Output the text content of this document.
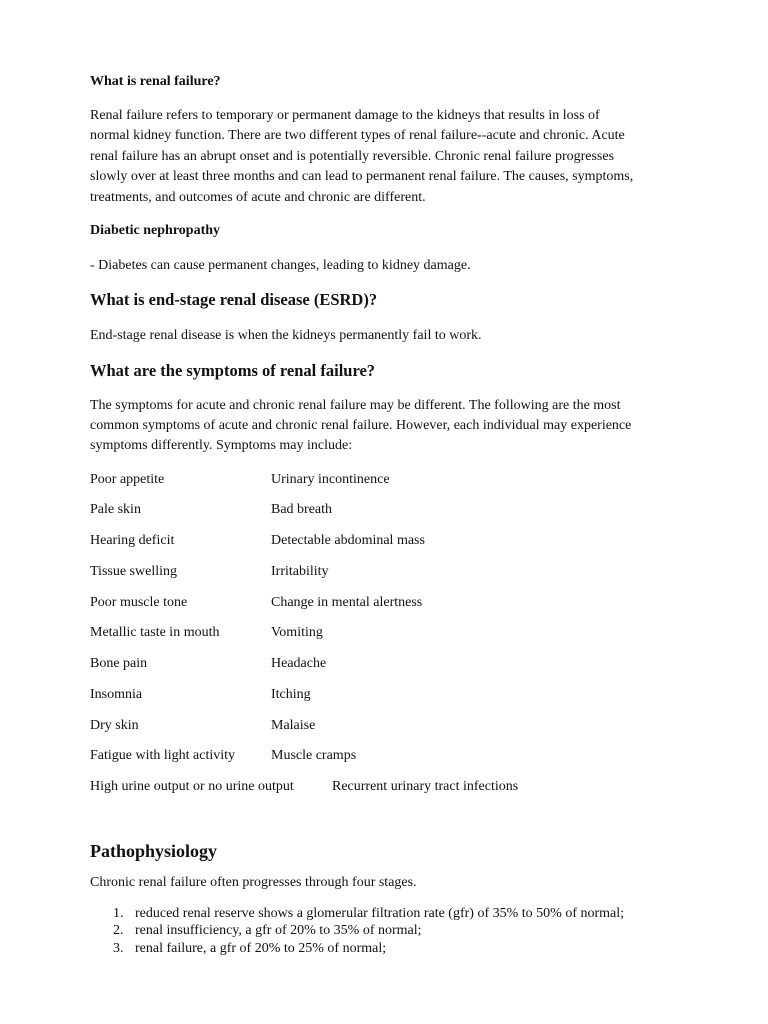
What is renal failure?
Renal failure refers to temporary or permanent damage to the kidneys that results in loss of
normal kidney function. There are two different types of renal failure--acute and chronic. Acute
renal failure has an abrupt onset and is potentially reversible. Chronic renal failure progresses
slowly over at least three months and can lead to permanent renal failure. The causes, symptoms,
treatments, and outcomes of acute and chronic are different.
Diabetic nephropathy
- Diabetes can cause permanent changes, leading to kidney damage.
What is end-stage renal disease (ESRD)?
End-stage renal disease is when the kidneys permanently fail to work.
What are the symptoms of renal failure?
The symptoms for acute and chronic renal failure may be different. The following are the most
common symptoms of acute and chronic renal failure. However, each individual may experience
symptoms differently. Symptoms may include:
Poor appetite	Urinary incontinence
Pale skin	Bad breath
Hearing deficit	Detectable abdominal mass
Tissue swelling	Irritability
Poor muscle tone	Change in mental alertness
Metallic taste in mouth	Vomiting
Bone pain	Headache
Insomnia	Itching
Dry skin	Malaise
Fatigue with light activity	Muscle cramps
High urine output or no urine output	Recurrent urinary tract infections
Pathophysiology
Chronic renal failure often progresses through four stages.
1. reduced renal reserve shows a glomerular filtration rate (gfr) of 35% to 50% of normal;
2. renal insufficiency, a gfr of 20% to 35% of normal;
3. renal failure, a gfr of 20% to 25% of normal;
